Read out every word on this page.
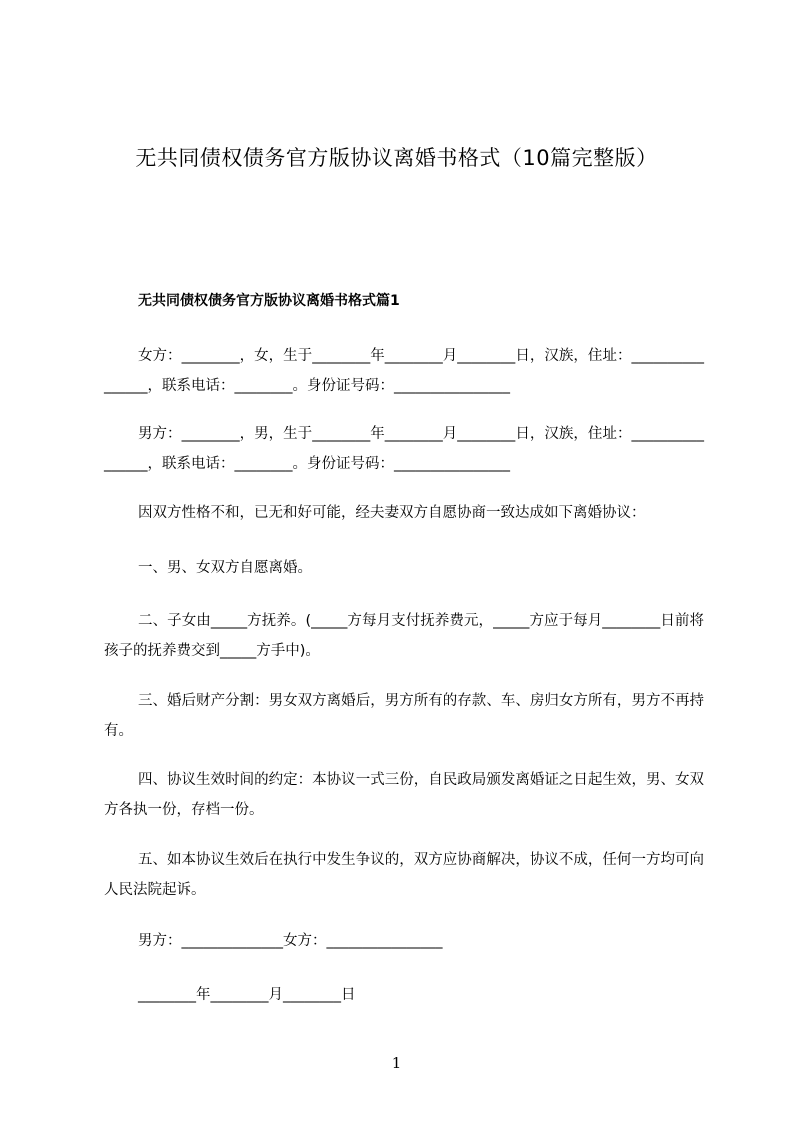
无共同债权债务官方版协议离婚书格式（10篇完整版）
无共同债权债务官方版协议离婚书格式篇1
女方：________，女，生于________年________月________日，汉族，住址：________________，联系电话：________。身份证号码：________________
男方：________，男，生于________年________月________日，汉族，住址：________________，联系电话：________。身份证号码：________________
因双方性格不和，已无和好可能，经夫妻双方自愿协商一致达成如下离婚协议：
一、男、女双方自愿离婚。
二、子女由_____方抚养。(_____方每月支付抚养费元，_____方应于每月________日前将孩子的抚养费交到_____方手中)。
三、婚后财产分割：男女双方离婚后，男方所有的存款、车、房归女方所有，男方不再持有。
四、协议生效时间的约定：本协议一式三份，自民政局颁发离婚证之日起生效，男、女双方各执一份，存档一份。
五、如本协议生效后在执行中发生争议的，双方应协商解决，协议不成，任何一方均可向人民法院起诉。
男方：______________女方：________________
________年________月________日
1
